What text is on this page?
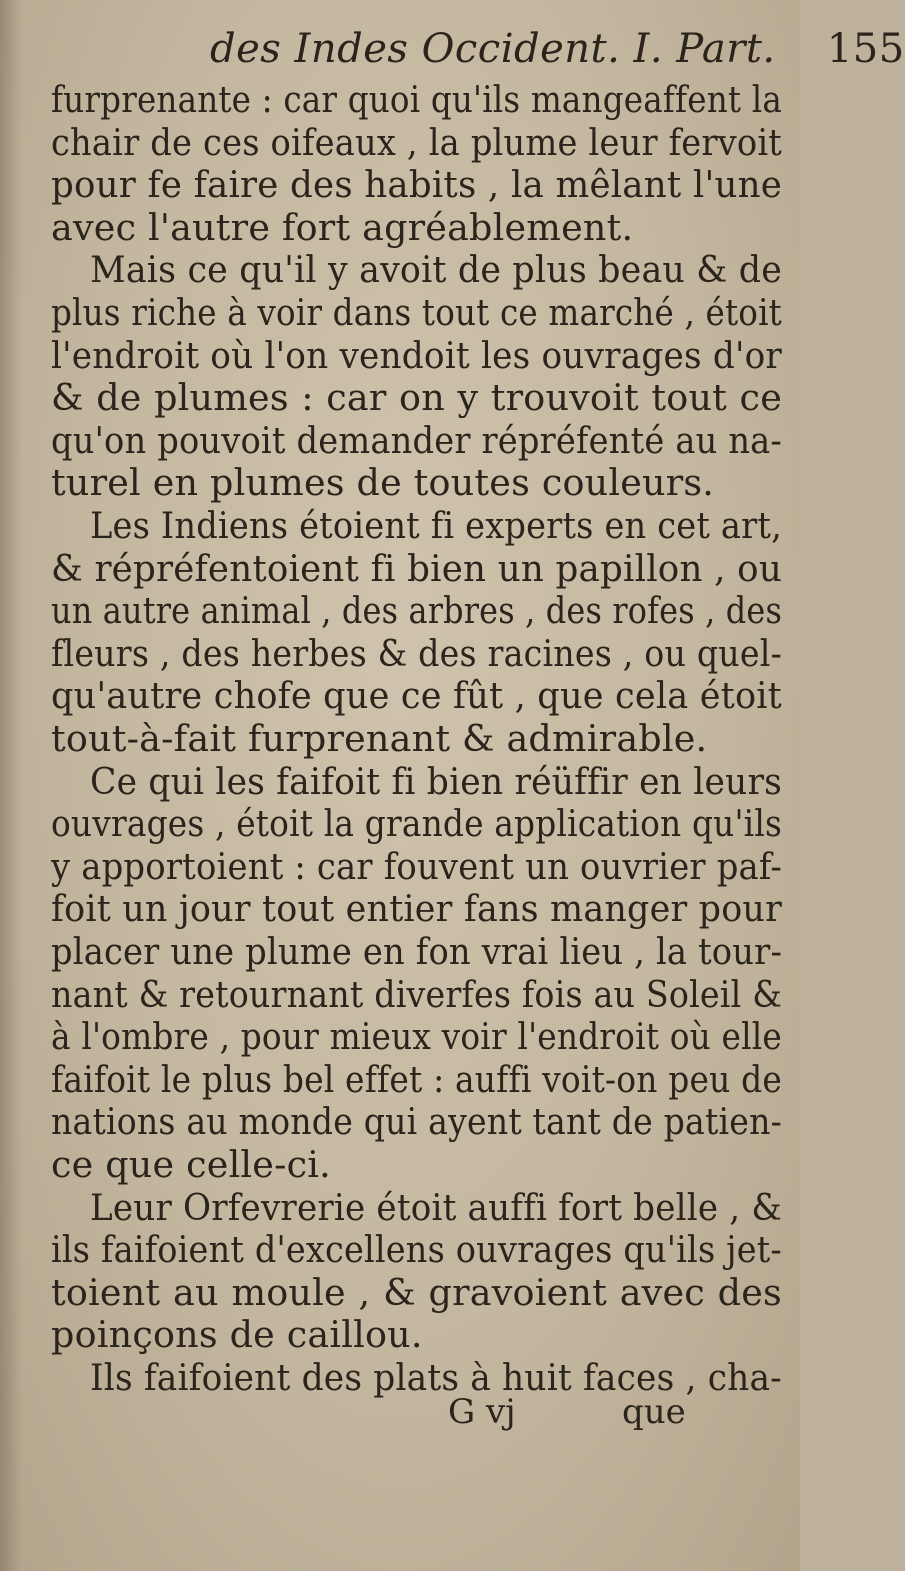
des Indes Occident. I. Part. 155
furprenante : car quoi qu'ils mangeaffent la
chair de ces oifeaux , la plume leur fervoit
pour fe faire des habits , la mêlant l'une
avec l'autre fort agréablement.
Mais ce qu'il y avoit de plus beau & de
plus riche à voir dans tout ce marché , étoit
l'endroit où l'on vendoit les ouvrages d'or
& de plumes : car on y trouvoit tout ce
qu'on pouvoit demander répréfenté au na-
turel en plumes de toutes couleurs.
Les Indiens étoient fi experts en cet art,
& répréfentoient fi bien un papillon , ou
un autre animal , des arbres , des rofes , des
fleurs , des herbes & des racines , ou quel-
qu'autre chofe que ce fût , que cela étoit
tout-à-fait furprenant & admirable.
Ce qui les faifoit fi bien réüffir en leurs
ouvrages , étoit la grande application qu'ils
y apportoient : car fouvent un ouvrier paf-
foit un jour tout entier fans manger pour
placer une plume en fon vrai lieu , la tour-
nant & retournant diverfes fois au Soleil &
à l'ombre , pour mieux voir l'endroit où elle
faifoit le plus bel effet : auffi voit-on peu de
nations au monde qui ayent tant de patien-
ce que celle-ci.
Leur Orfevrerie étoit auffi fort belle , &
ils faifoient d'excellens ouvrages qu'ils jet-
toient au moule , & gravoient avec des
poinçons de caillou.
Ils faifoient des plats à huit faces , cha-
G vj	que
